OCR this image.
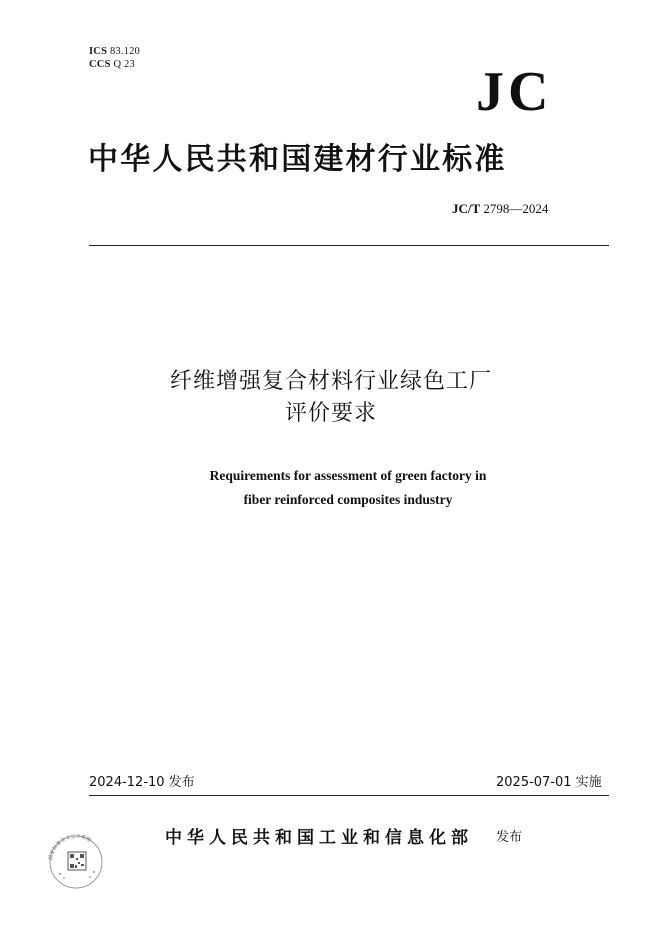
ICS 83.120
CCS Q 23	JC
中华人民共和国建材行业标准
JC/T 2798—2024
纤维增强复合材料行业绿色工厂
评价要求
Requirements for assessment of green factory in
fiber reinforced composites industry
2024-12-10 发布	2025-07-01 实施
中华人民共和国工业和信息化部 发布
国家标准全文公开系统
